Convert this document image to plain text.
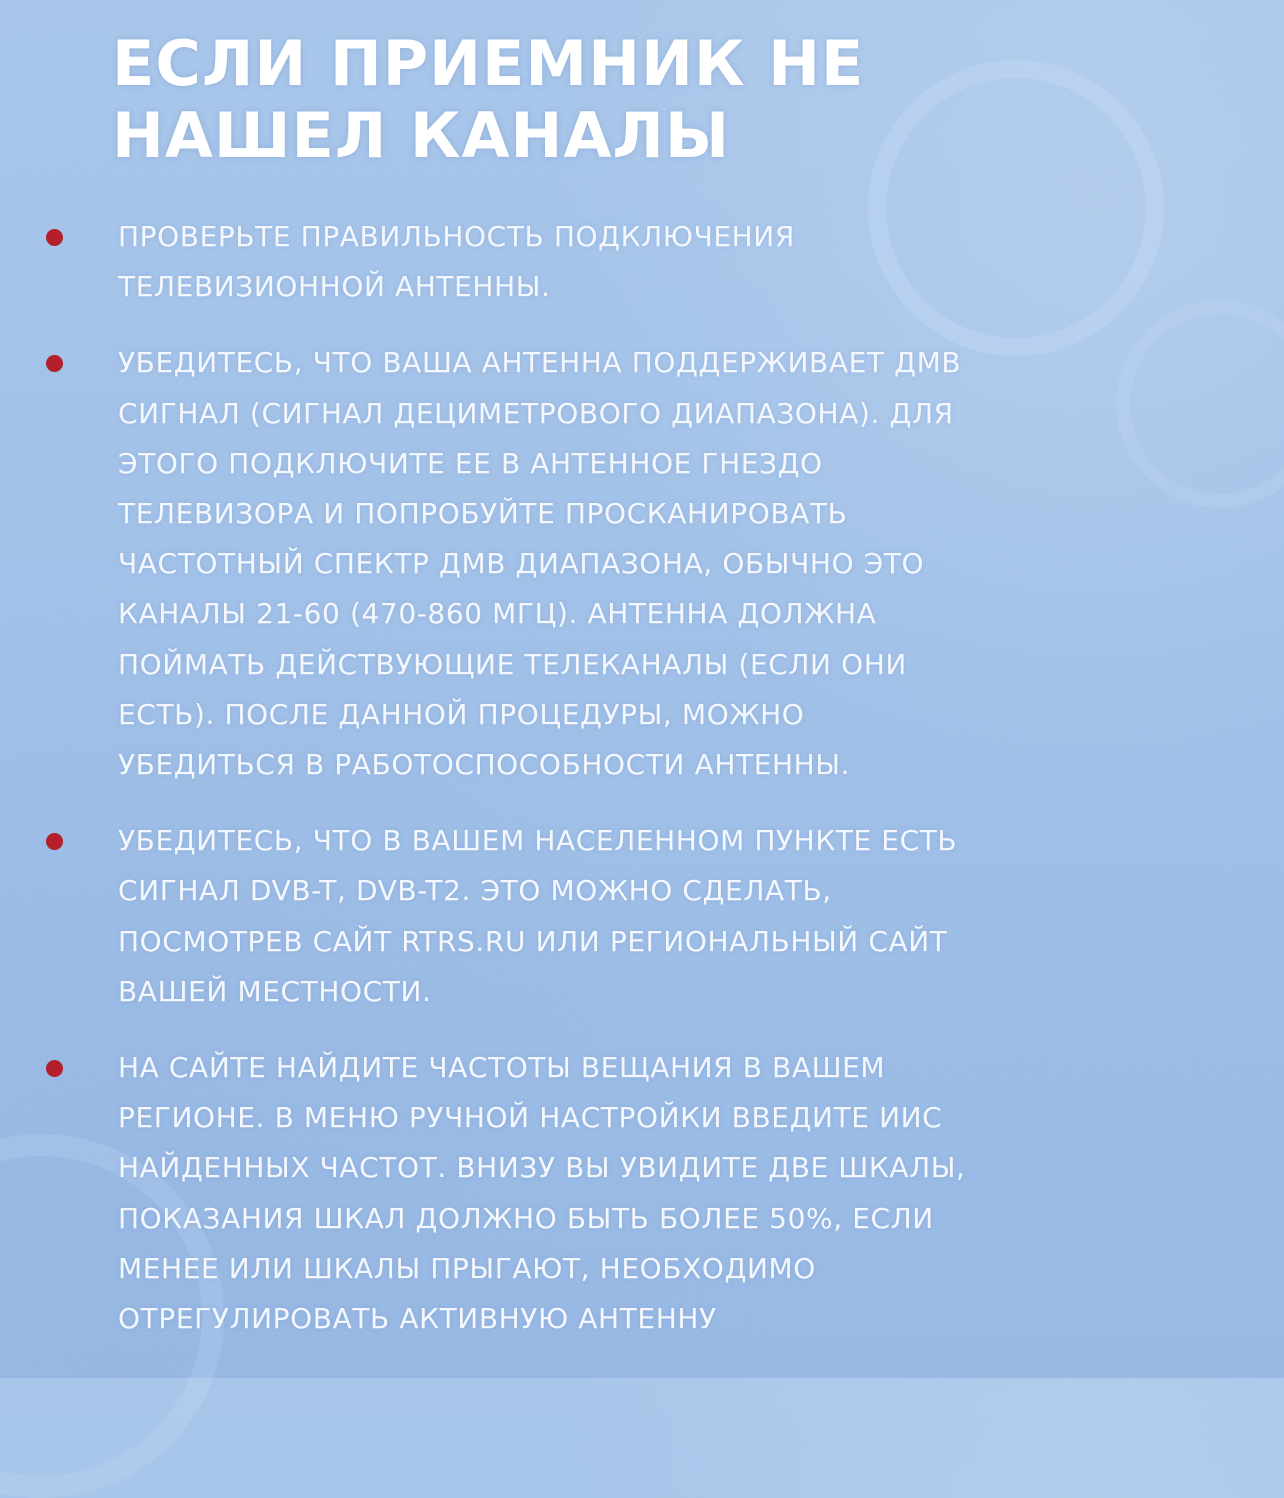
ЕСЛИ ПРИЕМНИК НЕ
НАШЕЛ КАНАЛЫ
ПРОВЕРЬТЕ ПРАВИЛЬНОСТЬ ПОДКЛЮЧЕНИЯ
ТЕЛЕВИЗИОННОЙ АНТЕННЫ.
УБЕДИТЕСЬ, ЧТО ВАША АНТЕННА ПОДДЕРЖИВАЕТ ДМВ
СИГНАЛ (СИГНАЛ ДЕЦИМЕТРОВОГО ДИАПАЗОНА). ДЛЯ
ЭТОГО ПОДКЛЮЧИТЕ ЕЕ В АНТЕННОЕ ГНЕЗДО
ТЕЛЕВИЗОРА И ПОПРОБУЙТЕ ПРОСКАНИРОВАТЬ
ЧАСТОТНЫЙ СПЕКТР ДМВ ДИАПАЗОНА, ОБЫЧНО ЭТО
КАНАЛЫ 21-60 (470-860 МГЦ). АНТЕННА ДОЛЖНА
ПОЙМАТЬ ДЕЙСТВУЮЩИЕ ТЕЛЕКАНАЛЫ (ЕСЛИ ОНИ
ЕСТЬ). ПОСЛЕ ДАННОЙ ПРОЦЕДУРЫ, МОЖНО
УБЕДИТЬСЯ В РАБОТОСПОСОБНОСТИ АНТЕННЫ.
УБЕДИТЕСЬ, ЧТО В ВАШЕМ НАСЕЛЕННОМ ПУНКТЕ ЕСТЬ
СИГНАЛ DVB-T, DVB-T2. ЭТО МОЖНО СДЕЛАТЬ,
ПОСМОТРЕВ САЙТ RTRS.RU ИЛИ РЕГИОНАЛЬНЫЙ САЙТ
ВАШЕЙ МЕСТНОСТИ.
НА САЙТЕ НАЙДИТЕ ЧАСТОТЫ ВЕЩАНИЯ В ВАШЕМ
РЕГИОНЕ. В МЕНЮ РУЧНОЙ НАСТРОЙКИ ВВЕДИТЕ ИИС
НАЙДЕННЫХ ЧАСТОТ. ВНИЗУ ВЫ УВИДИТЕ ДВЕ ШКАЛЫ,
ПОКАЗАНИЯ ШКАЛ ДОЛЖНО БЫТЬ БОЛЕЕ 50%, ЕСЛИ
МЕНЕЕ ИЛИ ШКАЛЫ ПРЫГАЮТ, НЕОБХОДИМО
ОТРЕГУЛИРОВАТЬ АКТИВНУЮ АНТЕННУ
